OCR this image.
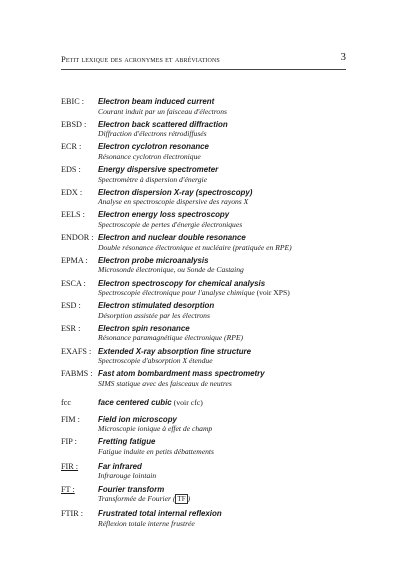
Petit lexique des acronymes et abréviations	3
EBIC : Electron beam induced current
Courant induit par un faisceau d'électrons
EBSD : Electron back scattered diffraction
Diffraction d'électrons rétrodiffusés
ECR : Electron cyclotron resonance
Résonance cyclotron électronique
EDS : Energy dispersive spectrometer
Spectromètre à dispersion d'énergie
EDX : Electron dispersion X-ray (spectroscopy)
Analyse en spectroscopie dispersive des rayons X
EELS : Electron energy loss spectroscopy
Spectroscopie de pertes d'énergie électroniques
ENDOR : Electron and nuclear double resonance
Double résonance électronique et nucléaire (pratiquée en RPE)
EPMA : Electron probe microanalysis
Microsonde électronique, ou Sonde de Castaing
ESCA : Electron spectroscopy for chemical analysis
Spectroscopie électronique pour l'analyse chimique (voir XPS)
ESD : Electron stimulated desorption
Désorption assistée par les électrons
ESR : Electron spin resonance
Résonance paramagnétique électronique (RPE)
EXAFS : Extended X-ray absorption fine structure
Spectroscopie d'absorption X étendue
FABMS : Fast atom bombardment mass spectrometry
SIMS statique avec des faisceaux de neutres
fcc	face centered cubic (voir cfc)
FIM : Field ion microscopy
Microscopie ionique à effet de champ
FIP :	Fretting fatigue
Fatigue induite en petits débattements
FIR :	Far infrared
Infrarouge lointain
FT :	Fourier transform
Transformée de Fourier ( TF )
FTIR : Frustrated total internal reflexion
Réflexion totale interne frustrée
